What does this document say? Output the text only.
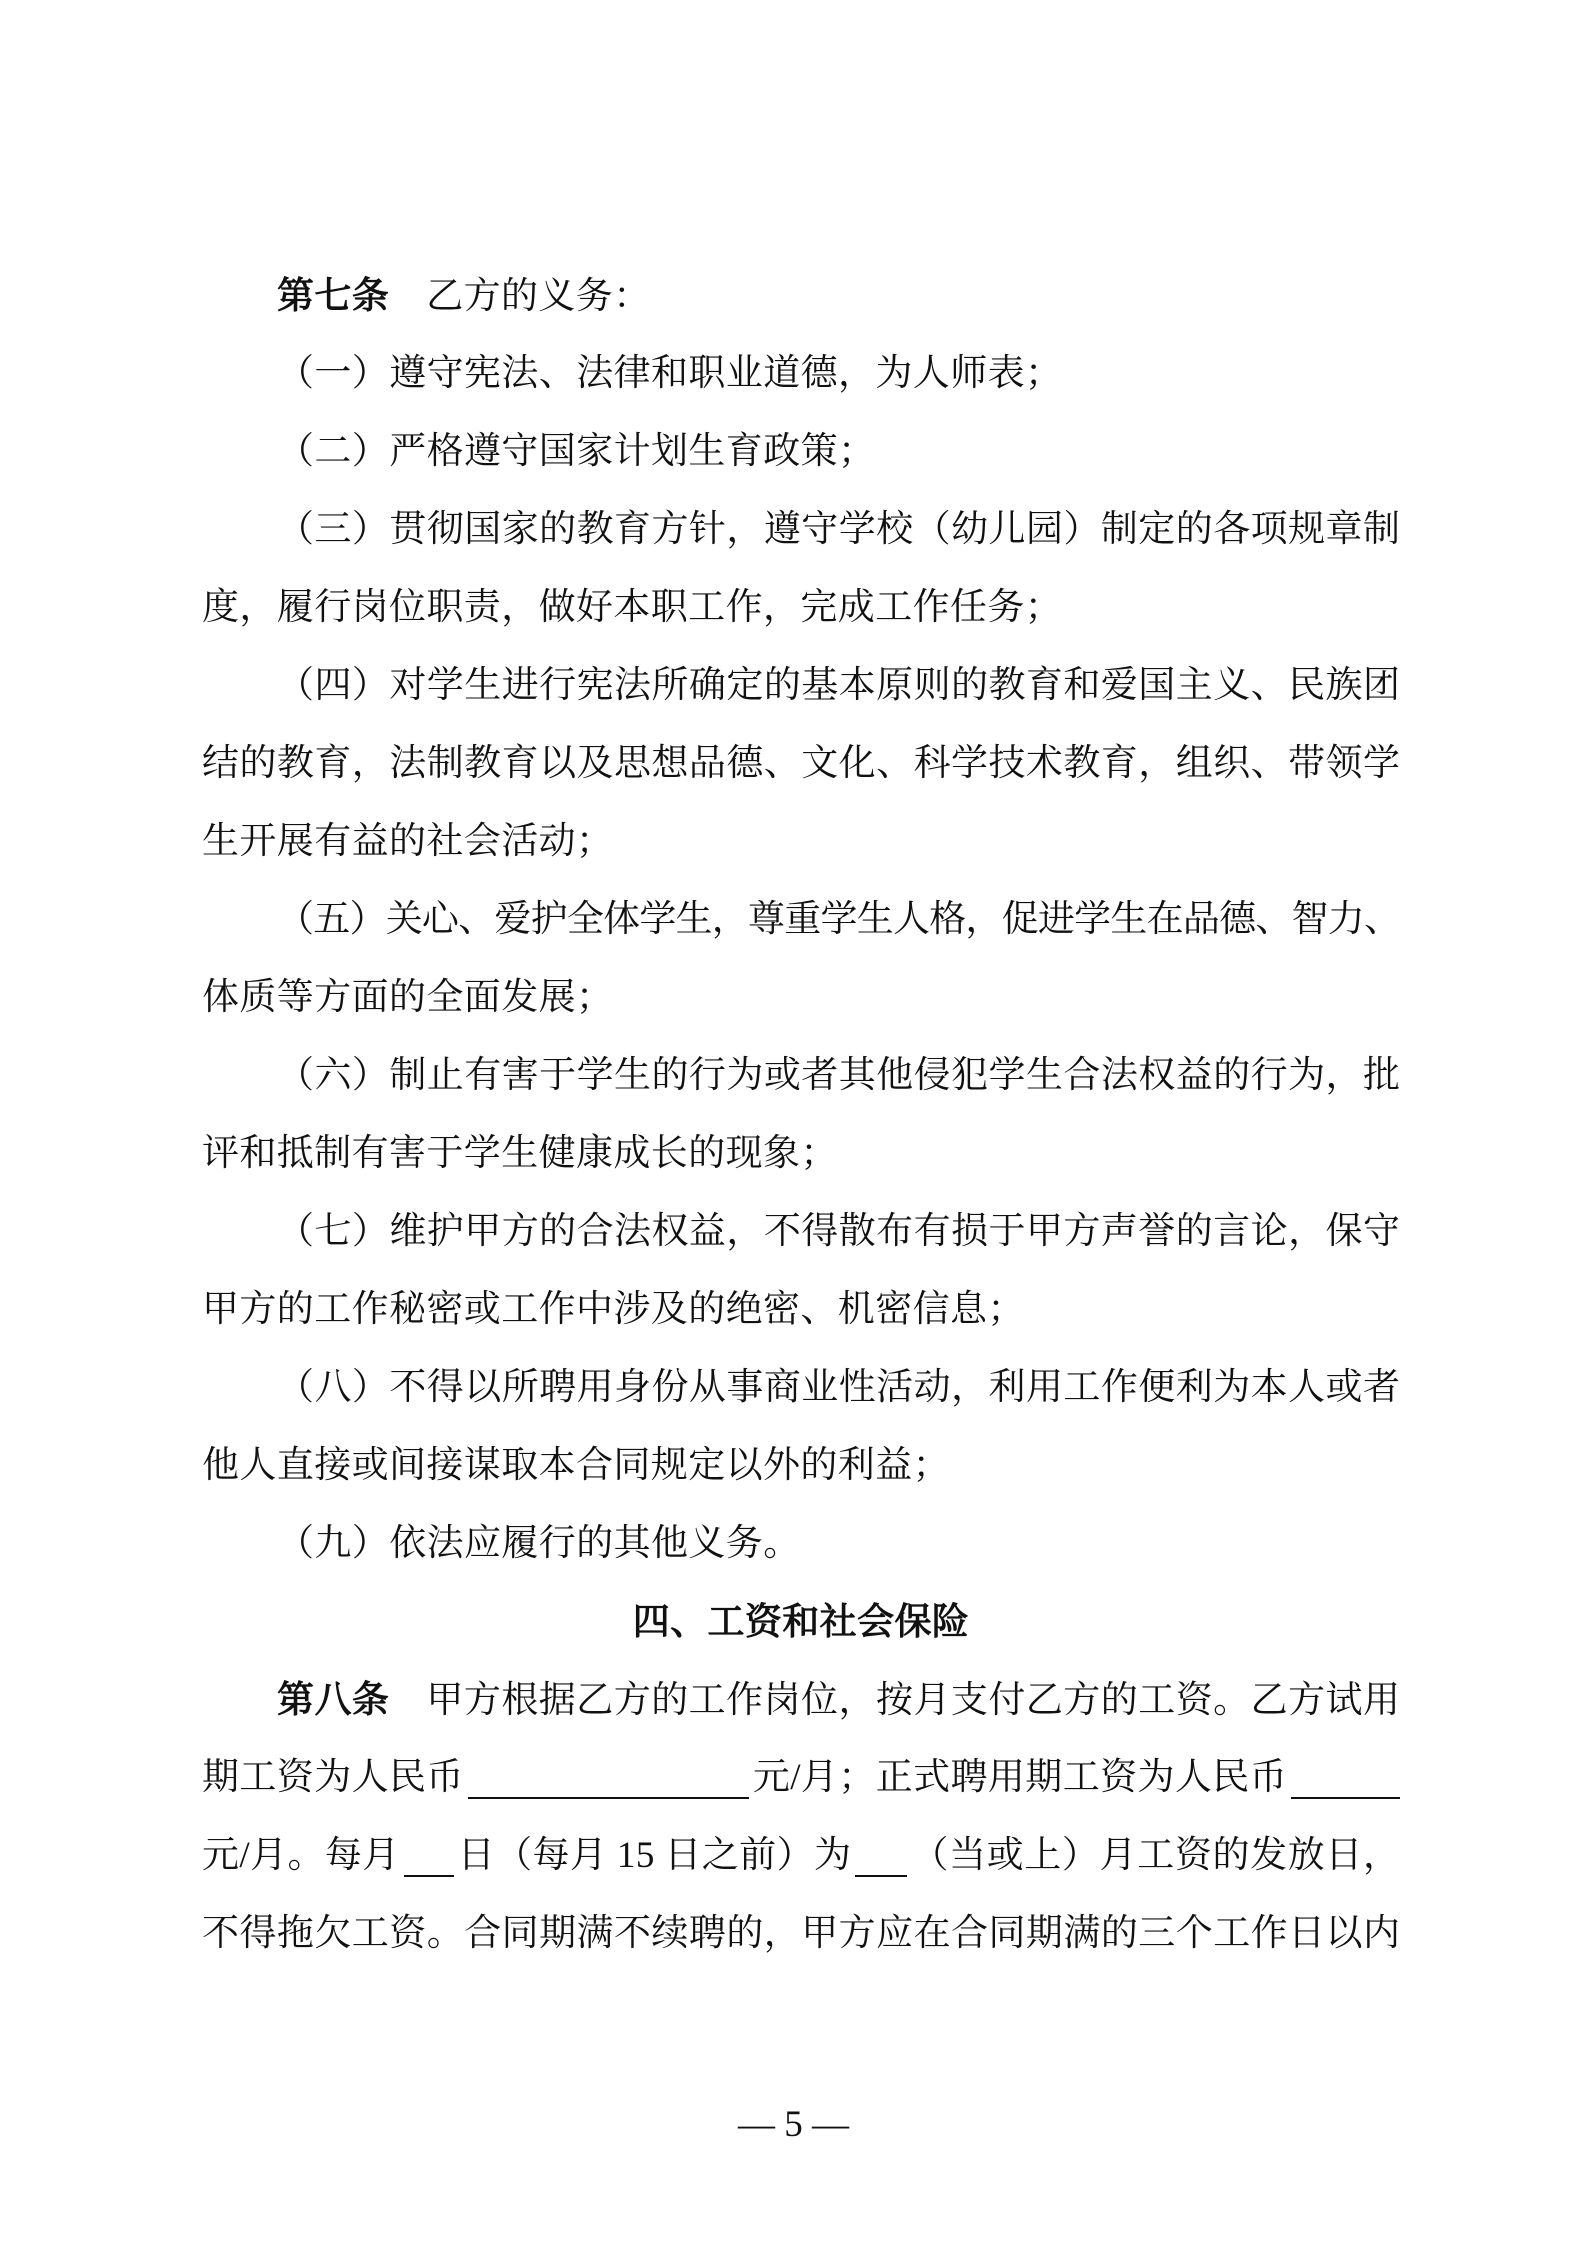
第七条 乙方的义务：
（一）遵守宪法、法律和职业道德，为人师表；
（二）严格遵守国家计划生育政策；
（三）贯彻国家的教育方针，遵守学校（幼儿园）制定的各项规章制
度，履行岗位职责，做好本职工作，完成工作任务；
（四）对学生进行宪法所确定的基本原则的教育和爱国主义、民族团
结的教育，法制教育以及思想品德、文化、科学技术教育，组织、带领学
生开展有益的社会活动；
（五）关心、爱护全体学生，尊重学生人格，促进学生在品德、智力、
体质等方面的全面发展；
（六）制止有害于学生的行为或者其他侵犯学生合法权益的行为，批
评和抵制有害于学生健康成长的现象；
（七）维护甲方的合法权益，不得散布有损于甲方声誉的言论，保守
甲方的工作秘密或工作中涉及的绝密、机密信息；
（八）不得以所聘用身份从事商业性活动，利用工作便利为本人或者
他人直接或间接谋取本合同规定以外的利益；
（九）依法应履行的其他义务。
四、工资和社会保险
第八条 甲方根据乙方的工作岗位，按月支付乙方的工资。乙方试用
期工资为人民币	元/月；正式聘用期工资为人民币
元/月。每月 日（每月 15 日之前）为 （当或上）月工资的发放日，
不得拖欠工资。合同期满不续聘的，甲方应在合同期满的三个工作日以内
— 5 —
